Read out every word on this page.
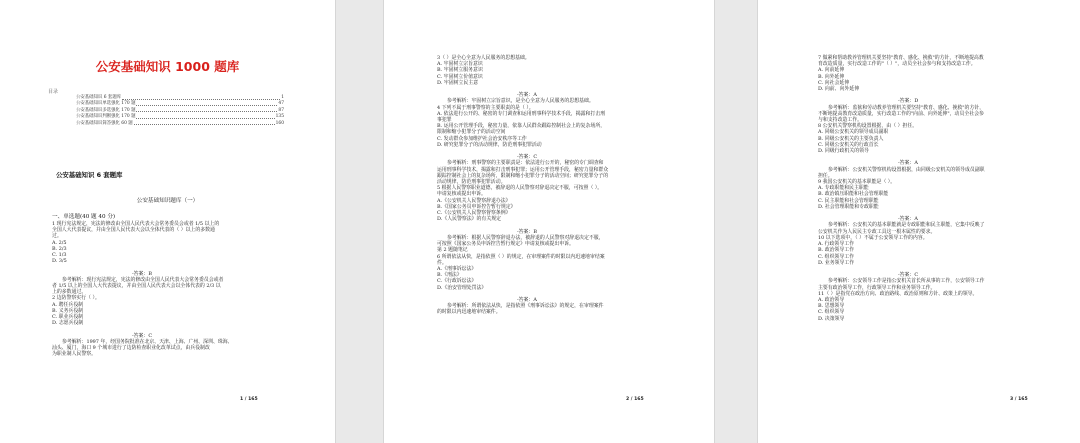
公安基础知识 1000 题库
目录
公安基础知识 6 套题库	1
公安基础知识单选强化 170 题	47
公安基础知识多选强化 170 题	87
公安基础知识判断强化 170 题	135
公安基础知识简答强化 60 题	160
公安基础知识 6 套题库
公安基础知识题库（一）
一、单选题(40 题 40 分)
1 现行宪法规定，宪法的修改由全国人民代表大会常务委员会或者 1/5 以上的
全国人大代表提议，并由全国人民代表大会以全体代表的（ ）以上的多数通
过。
A. 2/5
B. 2/3
C. 1/3
D. 3/5

-答案：B
参考解析：现行宪法规定，宪法的修改由全国人民代表大会常务委员会或者
者 1/5 以上的全国人大代表提议，并由全国人民代表大会以全体代表的 2/3 以
上的多数通过。
2 边防警察实行（ ）。
A. 聘任兵役制
B. 义务兵役制
C. 职业兵役制
D. 志愿兵役制

-答案：C
参考解析：1997 年，经国务院批准在北京、天津、上海、广州、深圳、珠海、
汕头、厦门，海口 9 个城市进行了边防检查职业化改革试点，由兵役制改
为职业制人民警察。
1 / 165
3（ ）是全心全意为人民服务的思想基础。
A. 牢固树立宗旨意识
B. 牢固树立服务意识
C. 牢固树立价值意识
D. 牢固树立民主意

-答案：A
参考解析：牢固树立宗旨意识，是全心全意为人民服务的思想基础。
4 下列不属于刑事警察的主要职责的是（ ）。
A. 依法进行公开的、秘密的专门调查和运用刑事科学技术手段，揭露和打击刑
事犯罪
B. 运用公开管理手段，秘密力量，依靠人民群众跟踪控制社会上的复杂场所，
限制和缩小犯罪分子的活动空间
C. 发动群众参加维护社会治安秩序等工作
D. 研究犯罪分子的活动规律，防范刑事犯罪活动

-答案：C
参考解析：刑事警察的主要职责是：依法进行公开的，秘密的专门调查和
运用刑事科学技术，揭露和打击刑事犯罪；运用公开管理手段，秘密力量和群众
跟踪控制社会上的复杂场所，限制和缩小犯罪分子的活动空间；研究犯罪分子的
活动规律，防范刑事犯罪活动。
5 根据人民警察职业道德，被辞退的人民警察对辞退决定不服，可按照（ ）。
申请复核或提出申诉。
A.《公安机关人民警察辞退办法》
B.《国家公务员申诉控告暂行规定》
C.《公安机关人民警察督察条例》
D.《人民警察法》的有关规定

-答案：B
参考解析：根据人民警察辞退办法，被辞退的人民警察对辞退决定不服，
可按照《国家公务员申诉控告暂行规定》申请复核或提出申诉。
第 2 题随笔记
6 所谓依法从快，是指依照（ ）的规定，在审理案件的时限以内迅速地审结案
件。
A.《刑事诉讼法》
B.《刑法》
C.《行政诉讼法》
D.《治安管理处罚法》

-答案：A
参考解析：所谓依法从快，是指依照《刑事诉讼法》的规定，在审理案件
的时限以内迅速地审结案件。
2 / 165
7 做紧和帮助教养管理机关要坚持"教育、感化、挽救"的方针，不断地提高教
育改造质量，实行改造工作的"（ ）"，动员全社会参与和支持改造工作。
A. 向前延伸
B. 向外延伸
C. 向社会延伸
D. 向前、向外延伸

-答案：D
参考解析：监狱和劳动教养管理机关要坚持"教育、感化、挽救"的方针，
不断地提高教育改造质量，实行改造工作的"向前、向外延伸"，动员全社会参
与和支持改造工作。
8 公安机关警察机构设置根据，由（ ）担任。
A. 同级公安机关的领导成员副职
B. 同级公安机关的主要负责人
C. 同级公安机关的行政首长
D. 同级行政机关的领导

-答案：A
参考解析：公安机关警察机构设置根据，由同级公安机关的领导成员副职
担任。
9 我国公安机关的基本职能是（ ）。
A. 专政职能和民主职能
B. 政治镇压职能和社会管理职能
C. 民主职能和社会管理职能
D. 社会管理职能和专政职能

-答案：A
参考解析：公安机关的基本职能就是专政职能和民主职能，它集中反映了
公安机关作为人民民主专政工具这一根本属性的要求。
10 以下选项中，（ ）不属于公安领导工作的内容。
A. 行政领导工作
B. 政治领导工作
C. 组织领导工作
D. 业务领导工作

-答案：C
参考解析：公安领导工作是指公安机关首长所从事的工作，公安领导工作
主要有政治领导工作，行政领导工作和业务领导工作。
11（ ）是指党在政治方向、政治路线、政治原则和方针、政策上的领导。
A. 政治领导
B. 思想领导
C. 组织领导
D. 决策领导
3 / 165
